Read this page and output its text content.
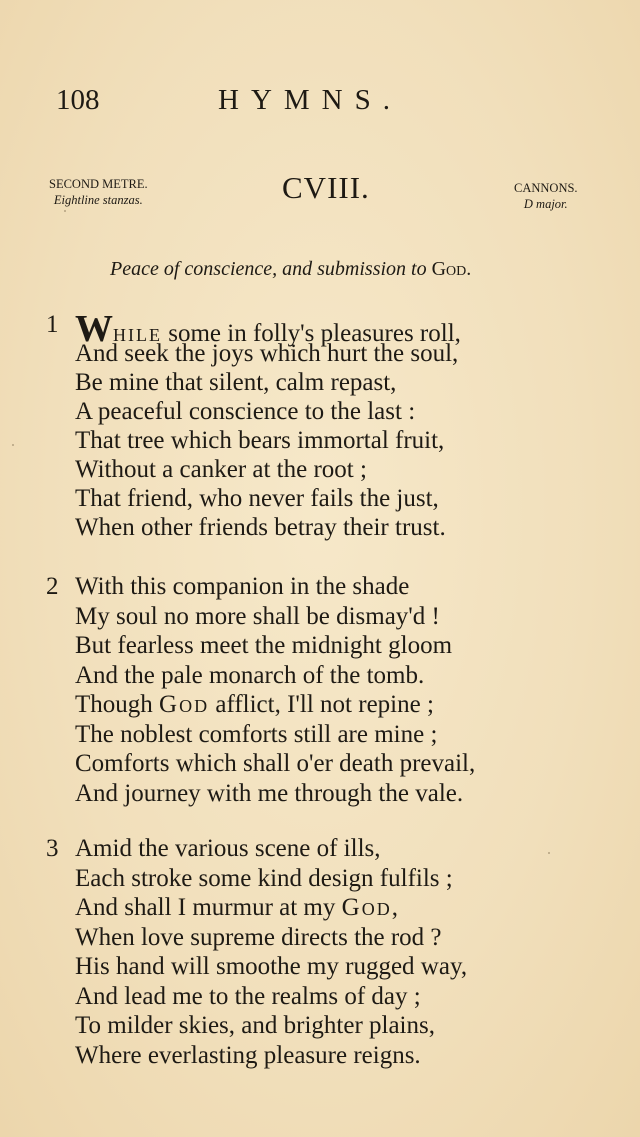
108	HYMNS.
SECOND METRE.
Eightline stanzas.	CVIII.	CANNONS.
D major.
Peace of conscience, and submission to God.
1 While some in folly's pleasures roll,
And seek the joys which hurt the soul,
Be mine that silent, calm repast,
A peaceful conscience to the last :
That tree which bears immortal fruit,
Without a canker at the root ;
That friend, who never fails the just,
When other friends betray their trust.
2 With this companion in the shade
My soul no more shall be dismay'd !
But fearless meet the midnight gloom
And the pale monarch of the tomb.
Though God afflict, I'll not repine ;
The noblest comforts still are mine ;
Comforts which shall o'er death prevail,
And journey with me through the vale.
3 Amid the various scene of ills,
Each stroke some kind design fulfils ;
And shall I murmur at my God,
When love supreme directs the rod ?
His hand will smoothe my rugged way,
And lead me to the realms of day ;
To milder skies, and brighter plains,
Where everlasting pleasure reigns.
